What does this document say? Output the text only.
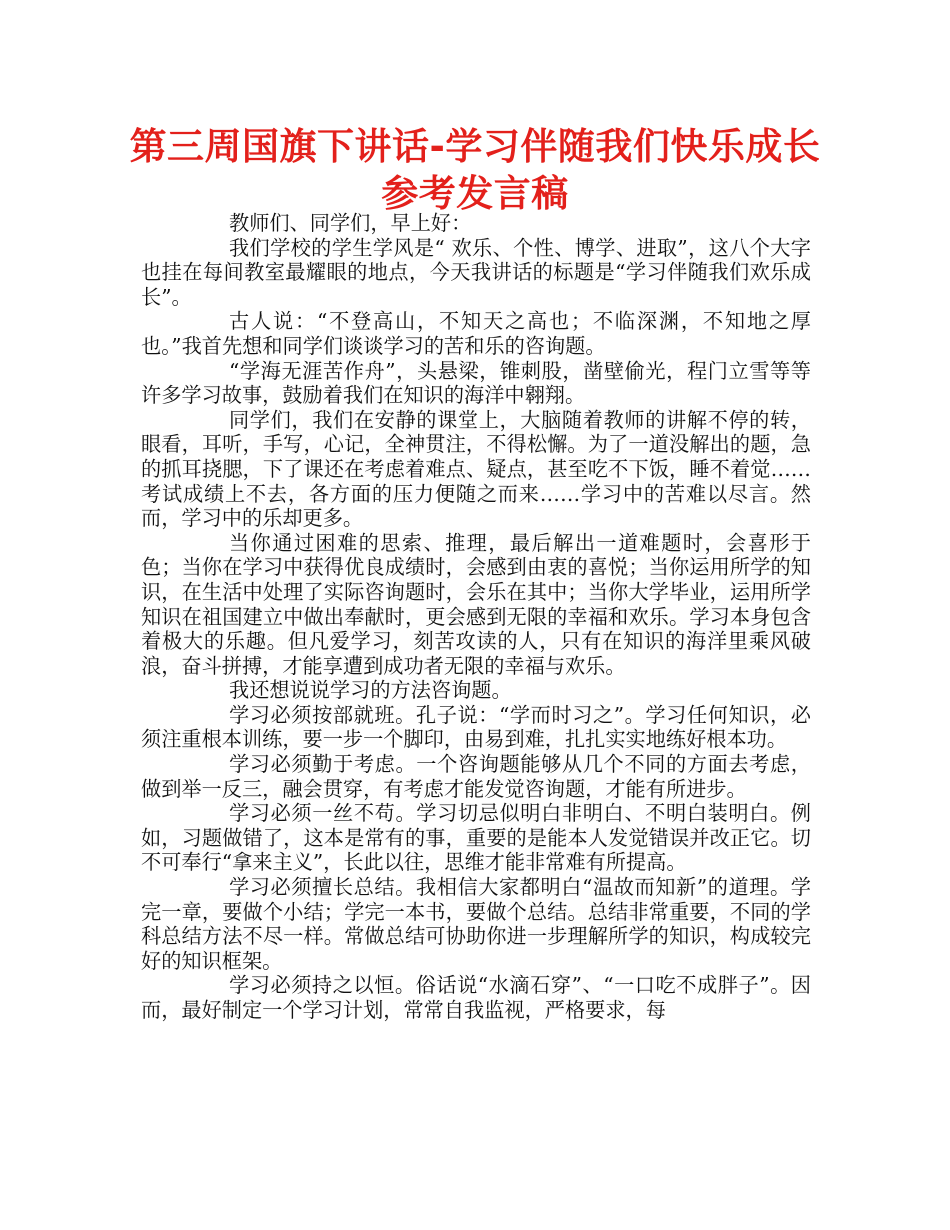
第三周国旗下讲话-学习伴随我们快乐成长
参考发言稿

教师们、同学们，早上好：

我们学校的学生学风是“ 欢乐、个性、博学、进取”，这八个大字也挂在每间教室最耀眼的地点，今天我讲话的标题是“学习伴随我们欢乐成长”。

古人说：“不登高山，不知天之高也；不临深渊，不知地之厚也。”我首先想和同学们谈谈学习的苦和乐的咨询题。

“学海无涯苦作舟”，头悬梁，锥刺股，凿壁偷光，程门立雪等等许多学习故事，鼓励着我们在知识的海洋中翱翔。

同学们，我们在安静的课堂上，大脑随着教师的讲解不停的转，眼看，耳听，手写，心记，全神贯注，不得松懈。为了一道没解出的题，急的抓耳挠腮，下了课还在考虑着难点、疑点，甚至吃不下饭，睡不着觉……考试成绩上不去，各方面的压力便随之而来……学习中的苦难以尽言。然而，学习中的乐却更多。

当你通过困难的思索、推理，最后解出一道难题时，会喜形于色；当你在学习中获得优良成绩时，会感到由衷的喜悦；当你运用所学的知识，在生活中处理了实际咨询题时，会乐在其中；当你大学毕业，运用所学知识在祖国建立中做出奉献时，更会感到无限的幸福和欢乐。学习本身包含着极大的乐趣。但凡爱学习，刻苦攻读的人，只有在知识的海洋里乘风破浪，奋斗拼搏，才能享遭到成功者无限的幸福与欢乐。

我还想说说学习的方法咨询题。

学习必须按部就班。孔子说：“学而时习之”。学习任何知识，必须注重根本训练，要一步一个脚印，由易到难，扎扎实实地练好根本功。

学习必须勤于考虑。一个咨询题能够从几个不同的方面去考虑，做到举一反三，融会贯穿，有考虑才能发觉咨询题，才能有所进步。

学习必须一丝不苟。学习切忌似明白非明白、不明白装明白。例如，习题做错了，这本是常有的事，重要的是能本人发觉错误并改正它。切不可奉行“拿来主义”，长此以往，思维才能非常难有所提高。

学习必须擅长总结。我相信大家都明白“温故而知新”的道理。学完一章，要做个小结；学完一本书，要做个总结。总结非常重要，不同的学科总结方法不尽一样。常做总结可协助你进一步理解所学的知识，构成较完好的知识框架。

学习必须持之以恒。俗话说“水滴石穿”、“一口吃不成胖子”。因而，最好制定一个学习计划，常常自我监视，严格要求，每
